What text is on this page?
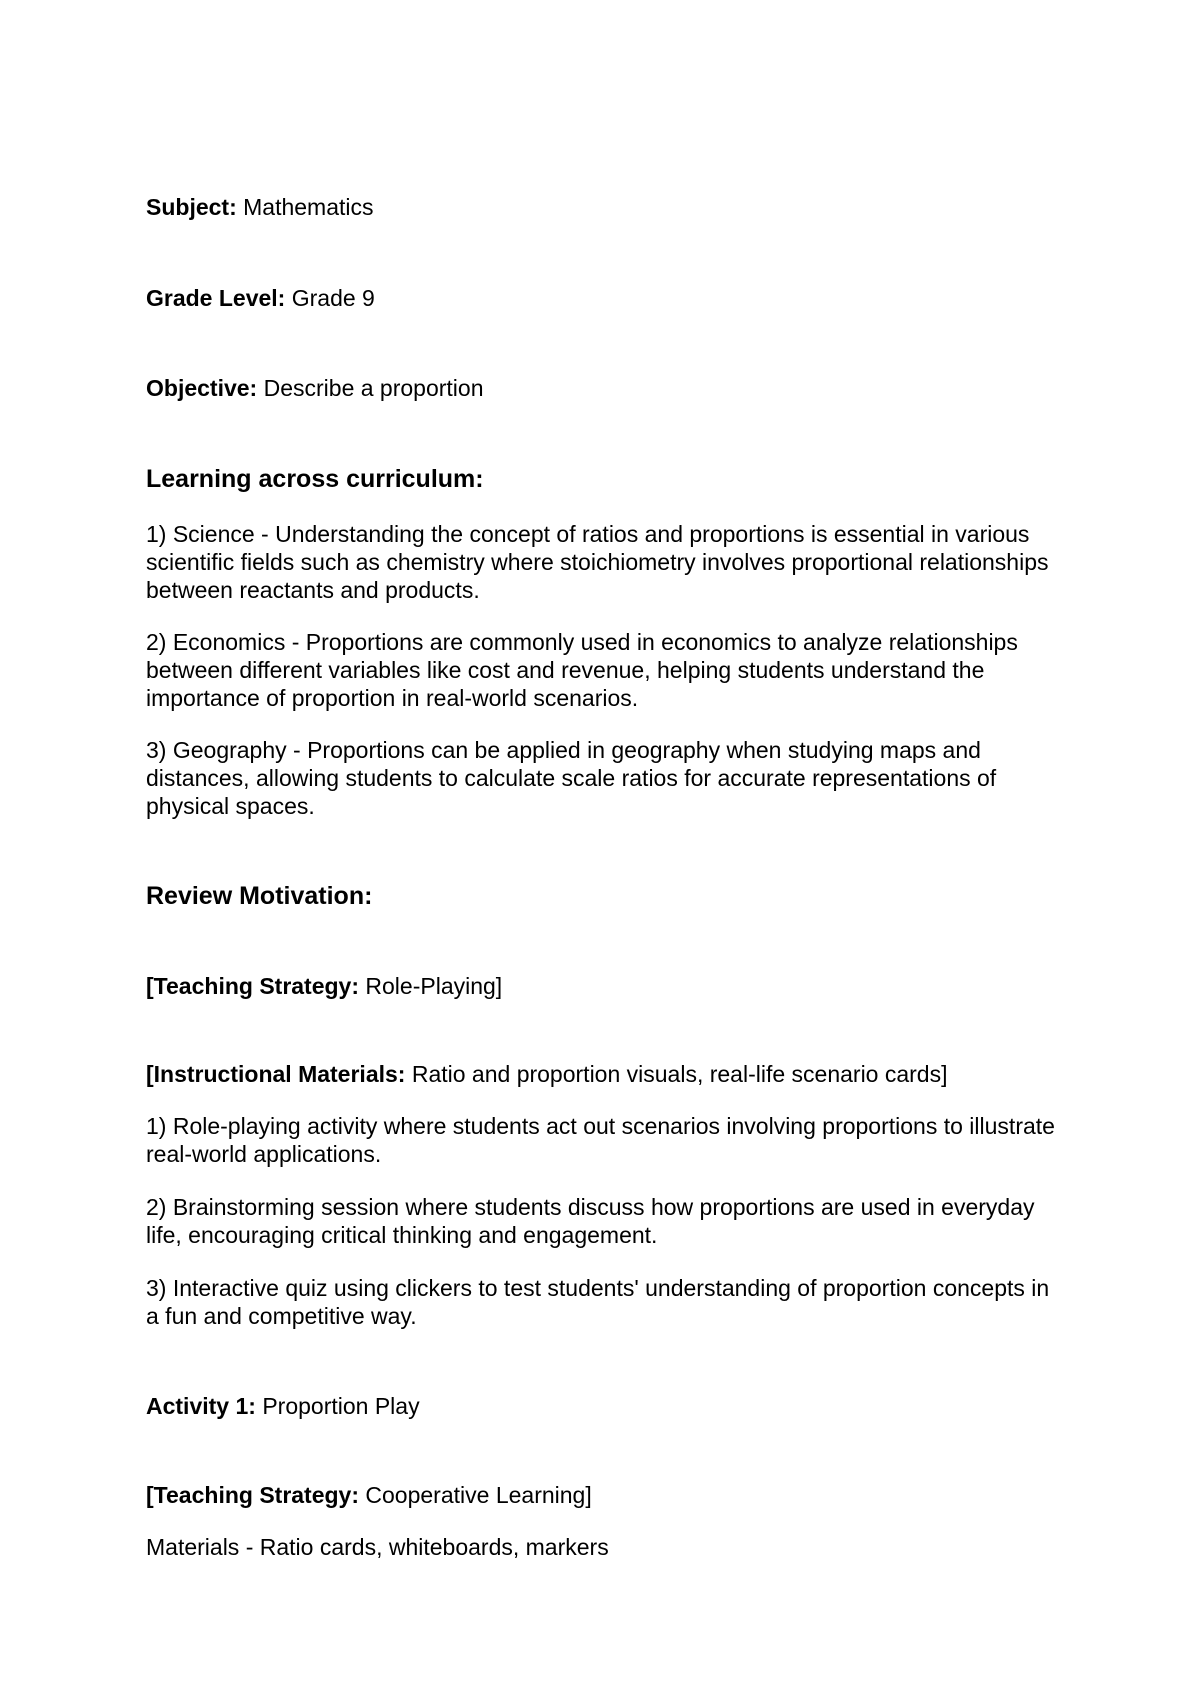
Subject: Mathematics

Grade Level: Grade 9

Objective: Describe a proportion

Learning across curriculum:

1) Science - Understanding the concept of ratios and proportions is essential in various scientific fields such as chemistry where stoichiometry involves proportional relationships between reactants and products.

2) Economics - Proportions are commonly used in economics to analyze relationships between different variables like cost and revenue, helping students understand the importance of proportion in real-world scenarios.

3) Geography - Proportions can be applied in geography when studying maps and distances, allowing students to calculate scale ratios for accurate representations of physical spaces.

Review Motivation:

[Teaching Strategy: Role-Playing]

[Instructional Materials: Ratio and proportion visuals, real-life scenario cards]

1) Role-playing activity where students act out scenarios involving proportions to illustrate real-world applications.

2) Brainstorming session where students discuss how proportions are used in everyday life, encouraging critical thinking and engagement.

3) Interactive quiz using clickers to test students' understanding of proportion concepts in a fun and competitive way.

Activity 1: Proportion Play

[Teaching Strategy: Cooperative Learning]

Materials - Ratio cards, whiteboards, markers
